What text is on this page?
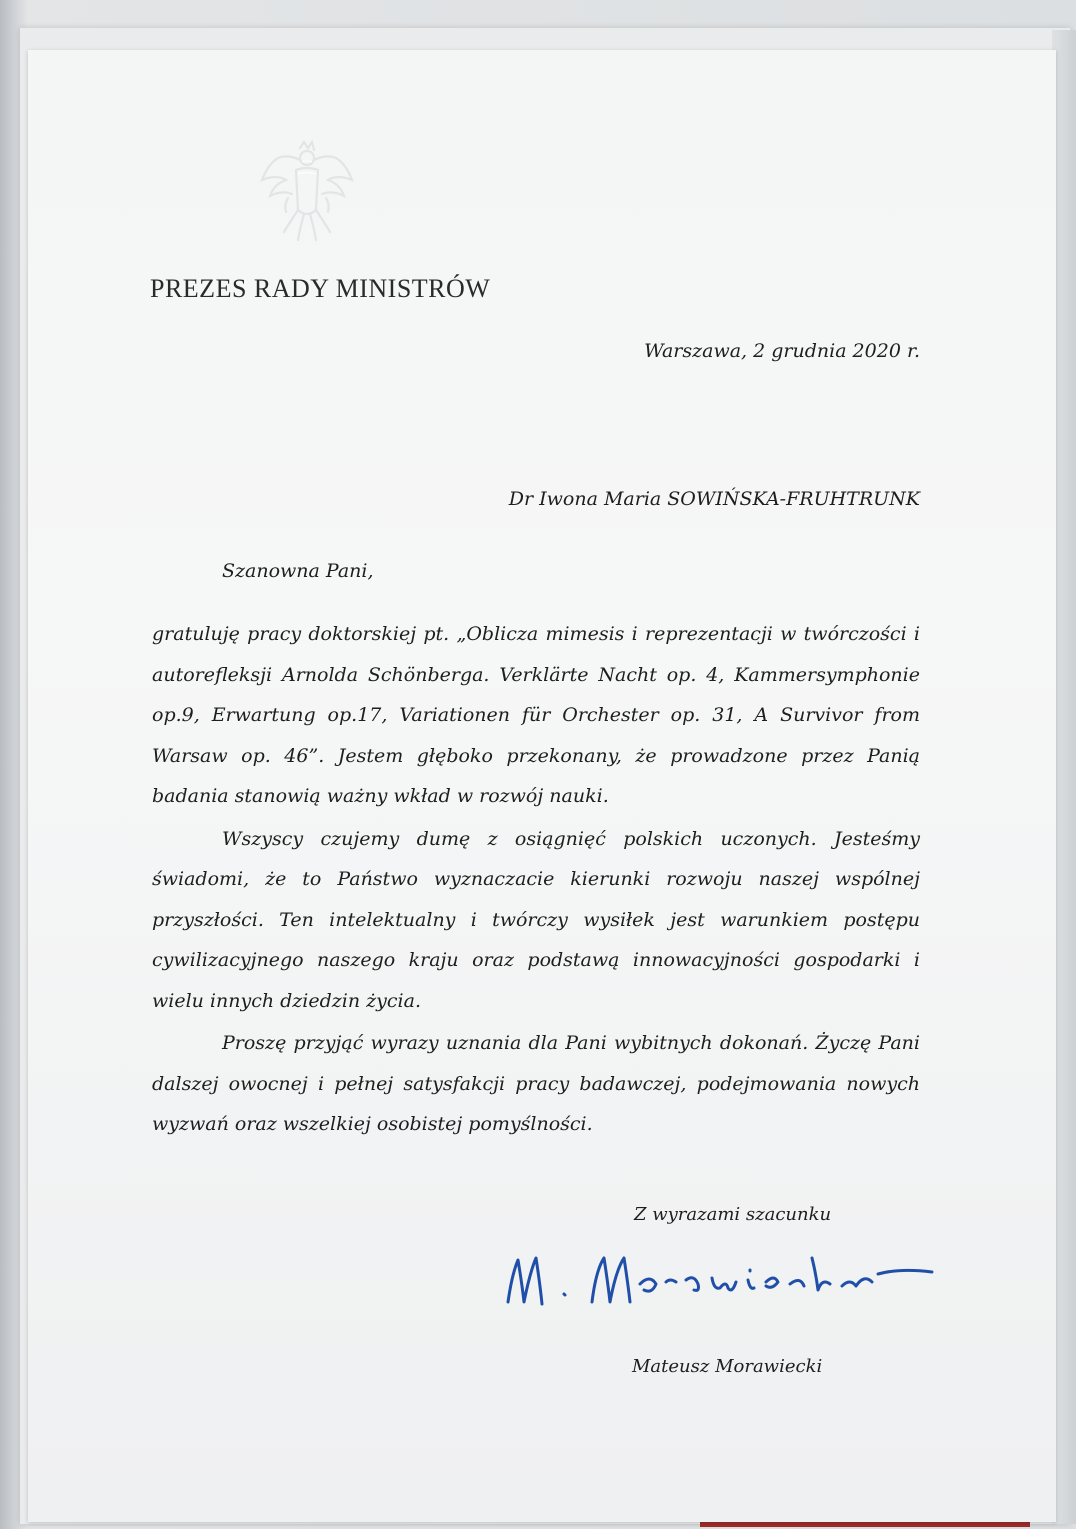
PREZES RADY MINISTRÓW
Warszawa, 2 grudnia 2020 r.
Dr Iwona Maria SOWIŃSKA-FRUHTRUNK
Szanowna Pani,

gratuluję pracy doktorskiej pt. „Oblicza mimesis i reprezentacji w twórczości i autorefleksji Arnolda Schönberga. Verklärte Nacht op. 4, Kammersymphonie op.9, Erwartung op.17, Variationen für Orchester op. 31, A Survivor from Warsaw op. 46”. Jestem głęboko przekonany, że prowadzone przez Panią badania stanowią ważny wkład w rozwój nauki.

Wszyscy czujemy dumę z osiągnięć polskich uczonych. Jesteśmy świadomi, że to Państwo wyznaczacie kierunki rozwoju naszej wspólnej przyszłości. Ten intelektualny i twórczy wysiłek jest warunkiem postępu cywilizacyjnego naszego kraju oraz podstawą innowacyjności gospodarki i wielu innych dziedzin życia.

Proszę przyjąć wyrazy uznania dla Pani wybitnych dokonań. Życzę Pani dalszej owocnej i pełnej satysfakcji pracy badawczej, podejmowania nowych wyzwań oraz wszelkiej osobistej pomyślności.

Z wyrazami szacunku
Mateusz Morawiecki
